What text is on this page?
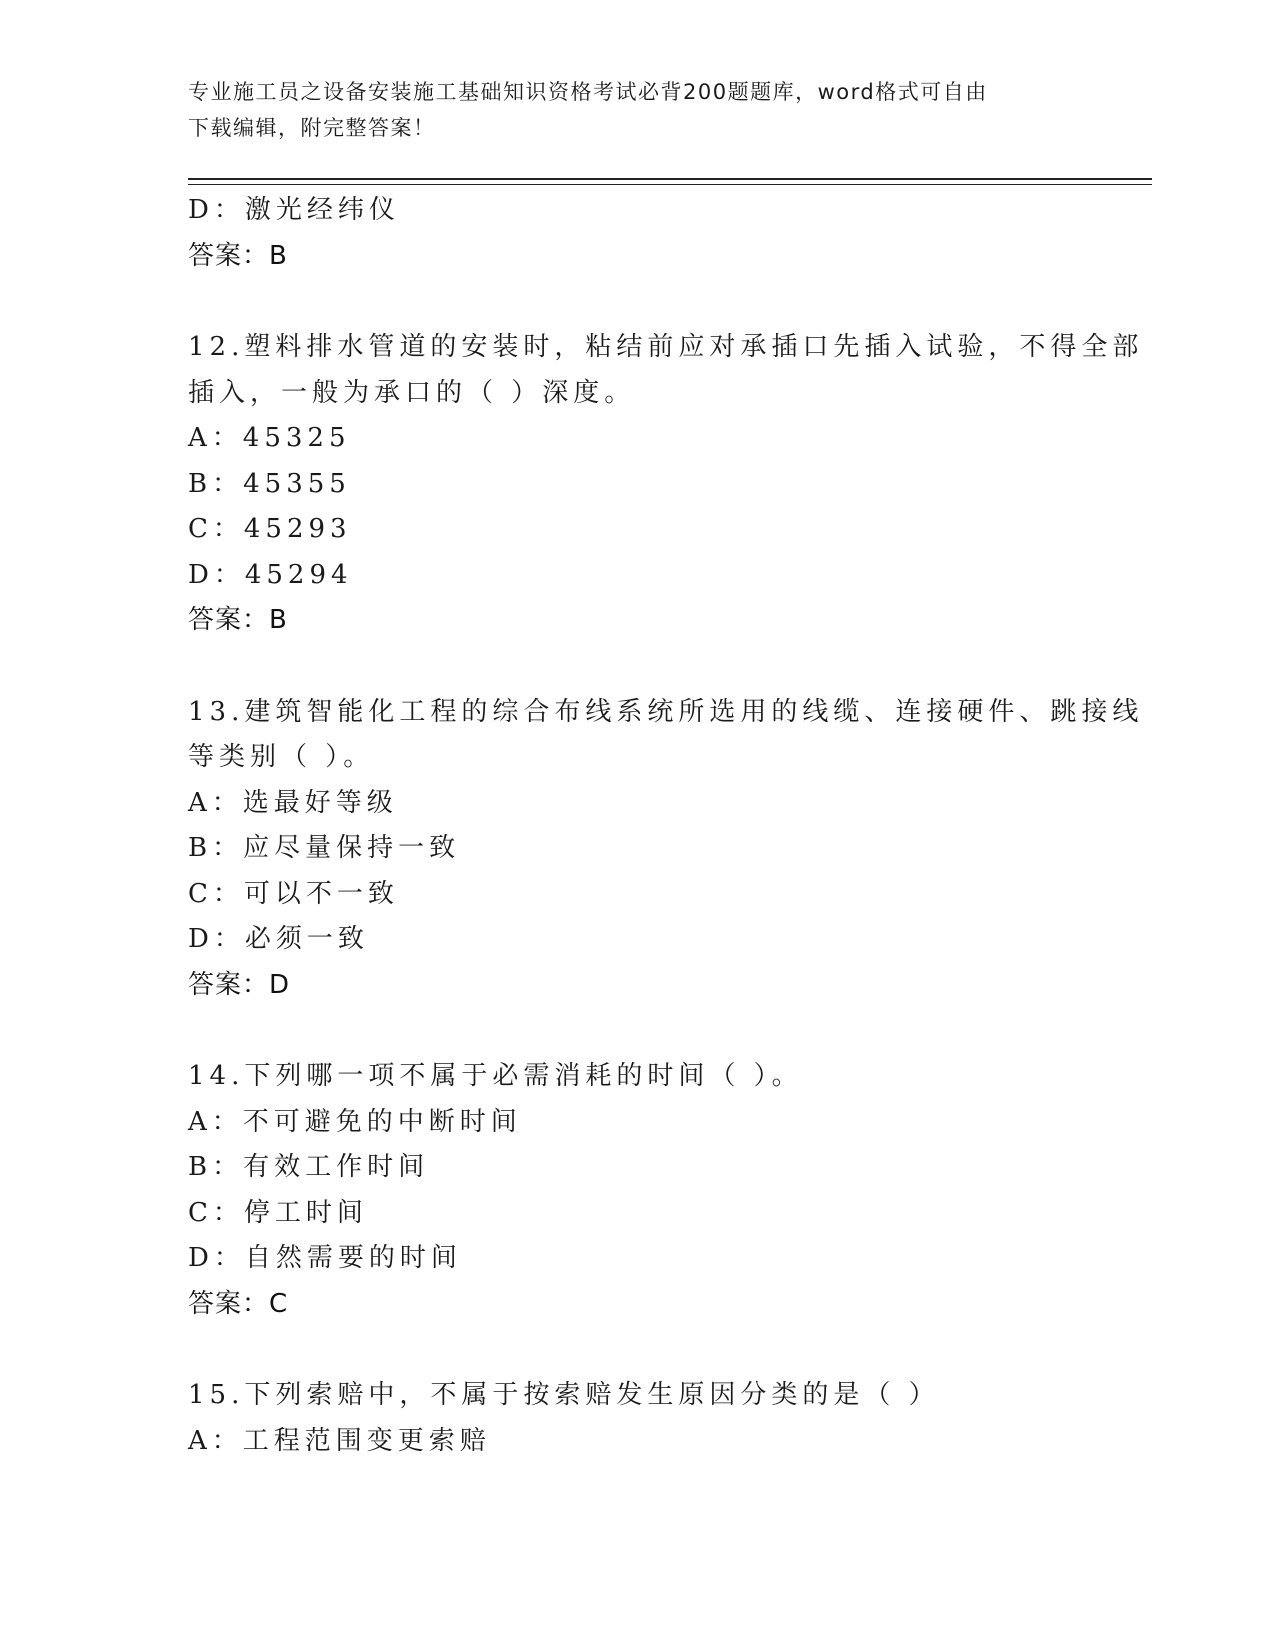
专业施工员之设备安装施工基础知识资格考试必背200题题库，word格式可自由
下载编辑，附完整答案！
D：激光经纬仪
答案：B
12.塑料排水管道的安装时，粘结前应对承插口先插入试验，不得全部
插入，一般为承口的（ ）深度。
A：45325
B：45355
C：45293
D：45294
答案：B
13.建筑智能化工程的综合布线系统所选用的线缆、连接硬件、跳接线
等类别（ ）。
A：选最好等级
B：应尽量保持一致
C：可以不一致
D：必须一致
答案：D
14.下列哪一项不属于必需消耗的时间（ ）。
A：不可避免的中断时间
B：有效工作时间
C：停工时间
D：自然需要的时间
答案：C
15.下列索赔中，不属于按索赔发生原因分类的是（ ）
A：工程范围变更索赔
